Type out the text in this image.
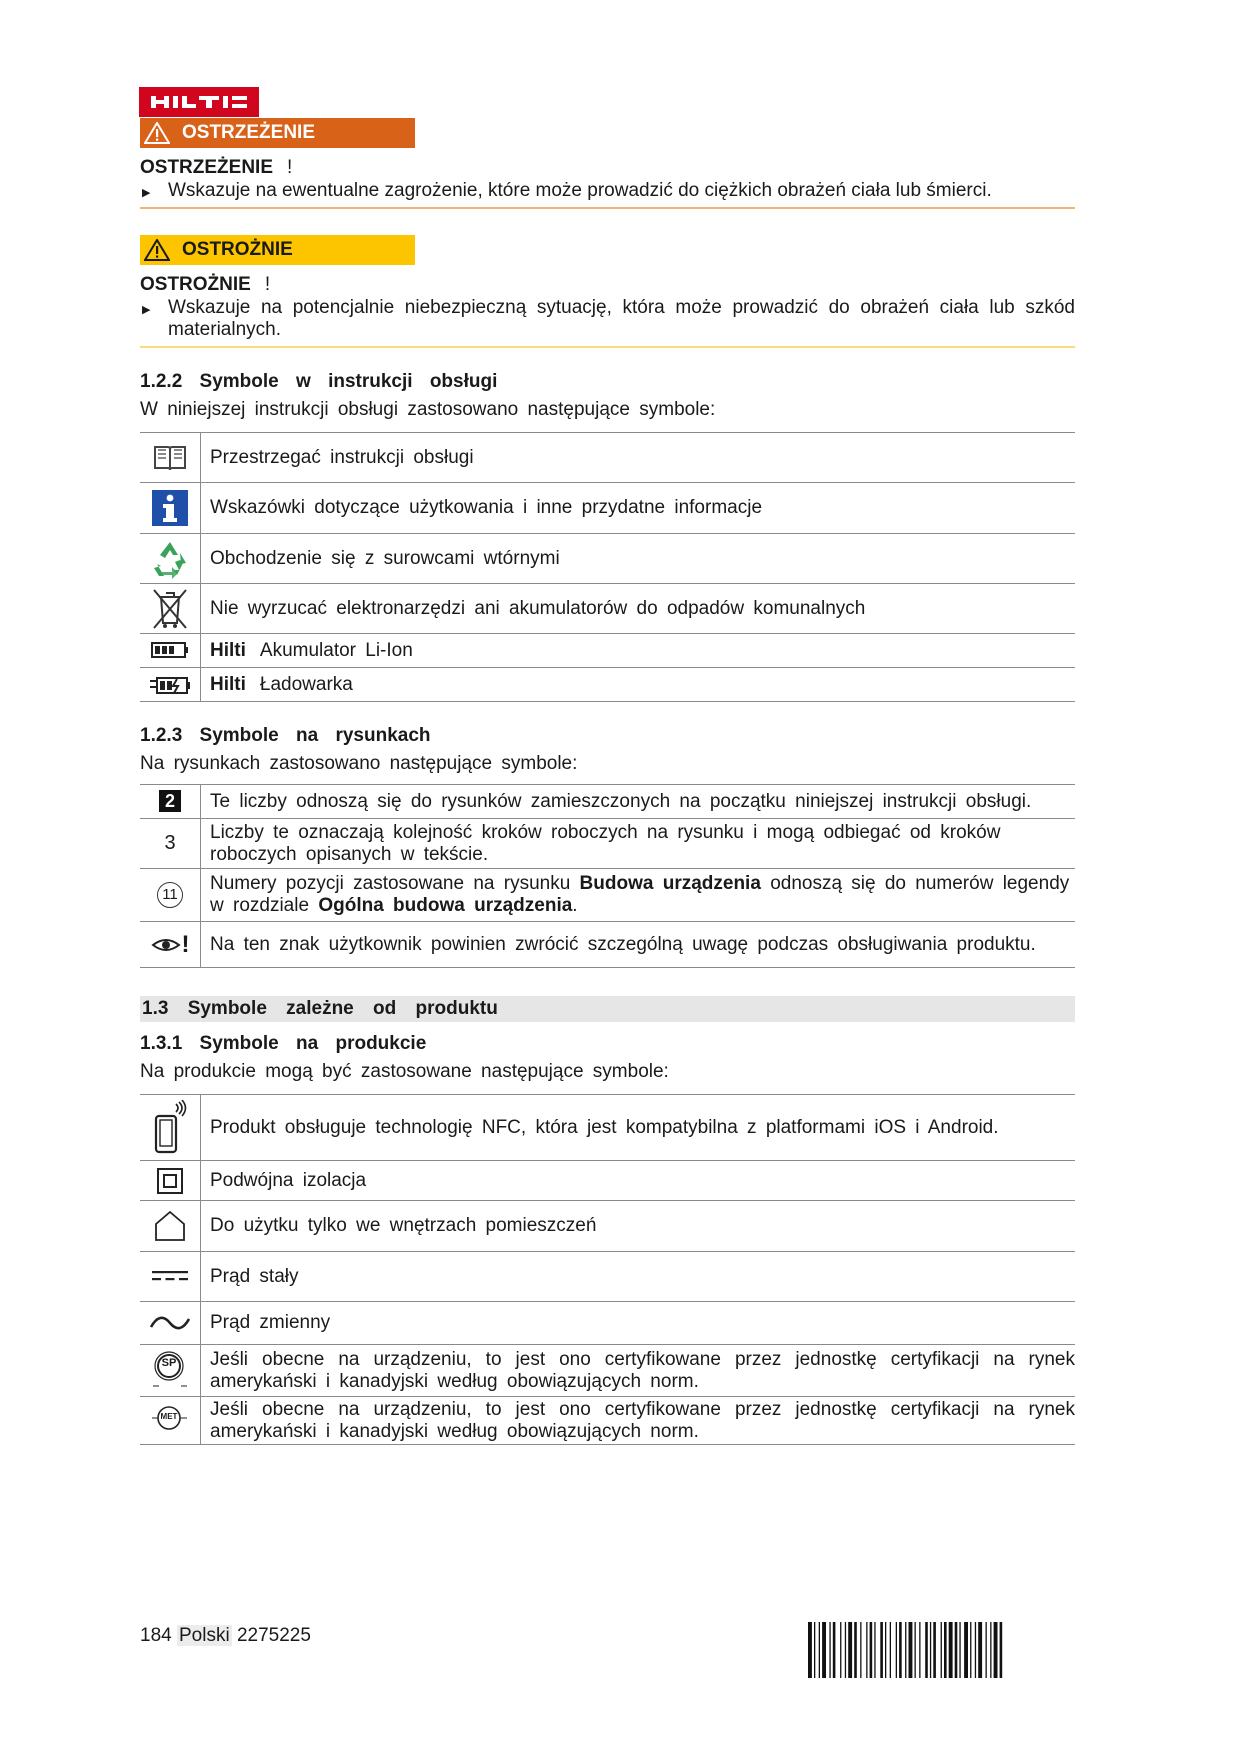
OSTRZEŻENIE
OSTRZEŻENIE !
▶ Wskazuje na ewentualne zagrożenie, które może prowadzić do ciężkich obrażeń ciała lub śmierci.
OSTROŻNIE
OSTROŻNIE !
▶ Wskazuje na potencjalnie niebezpieczną sytuację, która może prowadzić do obrażeń ciała lub szkód materialnych.
1.2.2 Symbole w instrukcji obsługi
W niniejszej instrukcji obsługi zastosowano następujące symbole:
	Przestrzegać instrukcji obsługi
	Wskazówki dotyczące użytkowania i inne przydatne informacje
	Obchodzenie się z surowcami wtórnymi
	Nie wyrzucać elektronarzędzi ani akumulatorów do odpadów komunalnych
	Hilti Akumulator Li-Ion
	Hilti Ładowarka
1.2.3 Symbole na rysunkach
Na rysunkach zastosowano następujące symbole:
2	Te liczby odnoszą się do rysunków zamieszczonych na początku niniejszej instrukcji obsługi.
3	Liczby te oznaczają kolejność kroków roboczych na rysunku i mogą odbiegać od kroków roboczych opisanych w tekście.
11	Numery pozycji zastosowane na rysunku Budowa urządzenia odnoszą się do numerów legendy w rozdziale Ogólna budowa urządzenia.
!	Na ten znak użytkownik powinien zwrócić szczególną uwagę podczas obsługiwania produktu.
1.3 Symbole zależne od produktu
1.3.1 Symbole na produkcie
Na produkcie mogą być zastosowane następujące symbole:
	Produkt obsługuje technologię NFC, która jest kompatybilna z platformami iOS i Android.
	Podwójna izolacja
	Do użytku tylko we wnętrzach pomieszczeń
	Prąd stały
	Prąd zmienny

SP	Jeśli obecne na urządzeniu, to jest ono certyfikowane przez jednostkę certyfikacji na rynek amerykański i kanadyjski według obowiązujących norm.

MET	Jeśli obecne na urządzeniu, to jest ono certyfikowane przez jednostkę certyfikacji na rynek amerykański i kanadyjski według obowiązujących norm.
184 Polski 2275225
